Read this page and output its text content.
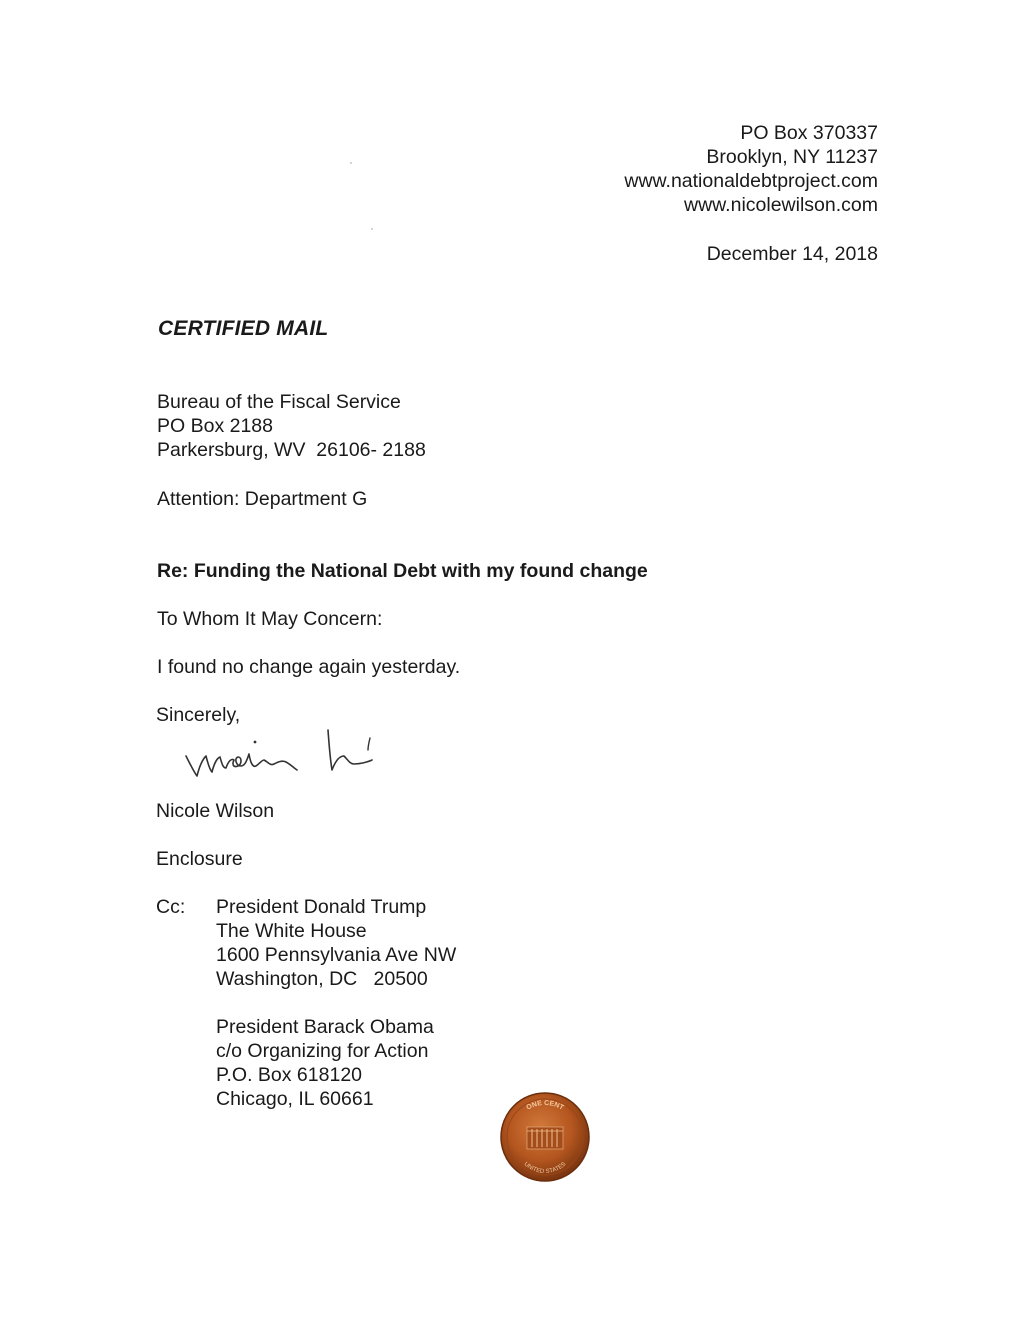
PO Box 370337
Brooklyn, NY 11237
www.nationaldebtproject.com
www.nicolewilson.com
December 14, 2018
CERTIFIED MAIL
Bureau of the Fiscal Service
PO Box 2188
Parkersburg, WV  26106- 2188
Attention: Department G
Re: Funding the National Debt with my found change
To Whom It May Concern:
I found no change again yesterday.
Sincerely,
Nicole Wilson
Enclosure
Cc: President Donald Trump
The White House
1600 Pennsylvania Ave NW
Washington, DC   20500
President Barack Obama
c/o Organizing for Action
P.O. Box 618120
Chicago, IL 60661	ONE CENT
UNITED STATES
